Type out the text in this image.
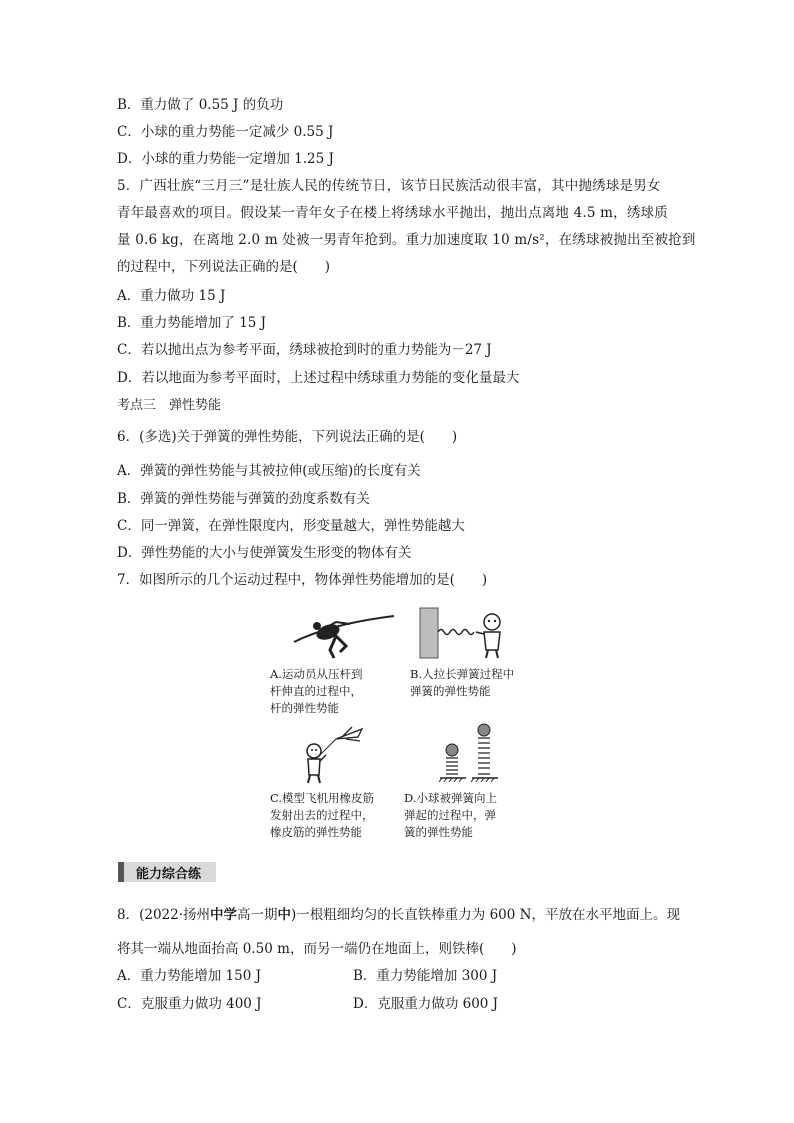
B．重力做了 0.55 J 的负功
C．小球的重力势能一定减少 0.55 J
D．小球的重力势能一定增加 1.25 J
5．广西壮族“三月三”是壮族人民的传统节日，该节日民族活动很丰富，其中抛绣球是男女
青年最喜欢的项目。假设某一青年女子在楼上将绣球水平抛出，抛出点离地 4.5 m，绣球质
量 0.6 kg，在离地 2.0 m 处被一男青年抢到。重力加速度取 10 m/s²，在绣球被抛出至被抢到
的过程中，下列说法正确的是(　　)
A．重力做功 15 J
B．重力势能增加了 15 J
C．若以抛出点为参考平面，绣球被抢到时的重力势能为－27 J
D．若以地面为参考平面时，上述过程中绣球重力势能的变化量最大
考点三　弹性势能
6．(多选)关于弹簧的弹性势能，下列说法正确的是(　　)
A．弹簧的弹性势能与其被拉伸(或压缩)的长度有关
B．弹簧的弹性势能与弹簧的劲度系数有关
C．同一弹簧，在弹性限度内，形变量越大，弹性势能越大
D．弹性势能的大小与使弹簧发生形变的物体有关
7．如图所示的几个运动过程中，物体弹性势能增加的是(　　)
A.运动员从压杆到
杆伸直的过程中，
杆的弹性势能
B.人拉长弹簧过程中
弹簧的弹性势能
C.模型飞机用橡皮筋
发射出去的过程中，
橡皮筋的弹性势能
D.小球被弹簧向上
弹起的过程中，弹
簧的弹性势能
能力综合练
8．(2022·扬州中学高一期中)一根粗细均匀的长直铁棒重力为 600 N，平放在水平地面上。现
将其一端从地面抬高 0.50 m，而另一端仍在地面上，则铁棒(　　)
A．重力势能增加 150 J	B．重力势能增加 300 J
C．克服重力做功 400 J	D．克服重力做功 600 J
